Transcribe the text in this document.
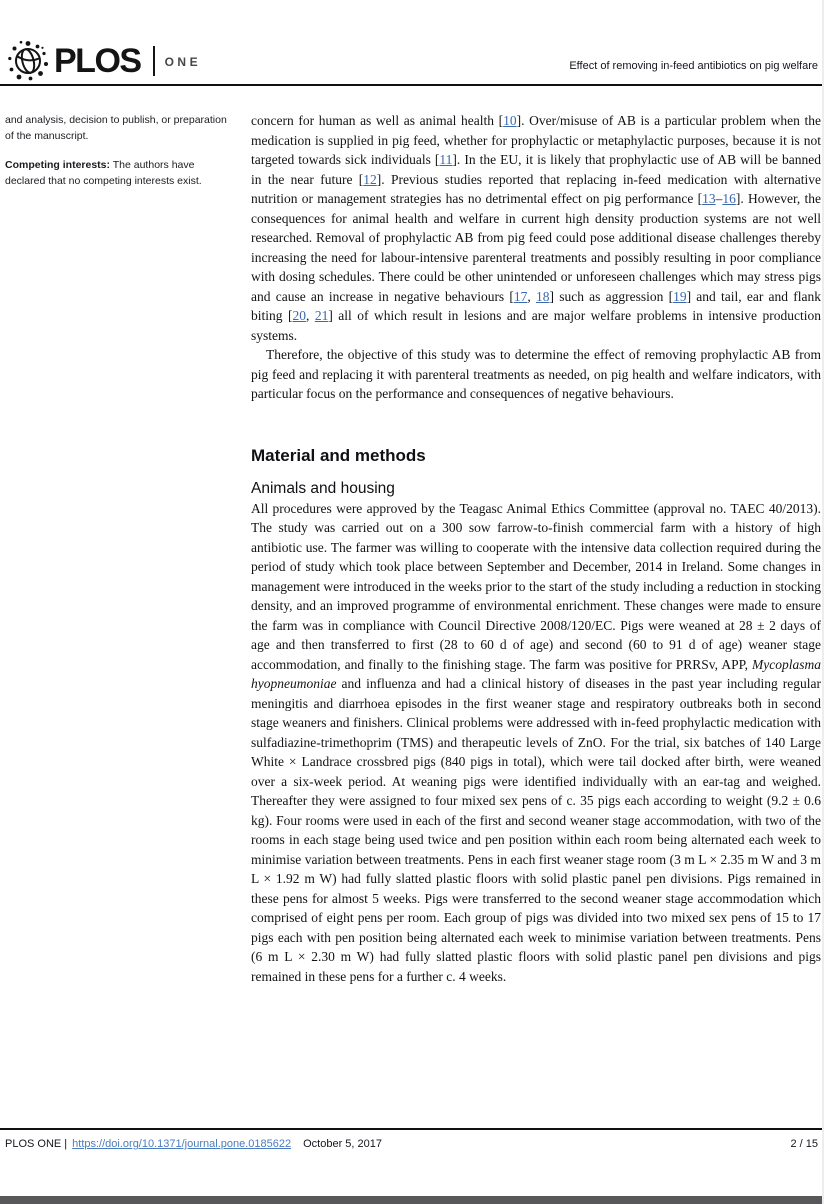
PLOS ONE	Effect of removing in-feed antibiotics on pig welfare

and analysis, decision to publish, or preparation of the manuscript.

Competing interests: The authors have declared that no competing interests exist.

concern for human as well as animal health [10]. Over/misuse of AB is a particular problem when the medication is supplied in pig feed, whether for prophylactic or metaphylactic purposes, because it is not targeted towards sick individuals [11]. In the EU, it is likely that prophylactic use of AB will be banned in the near future [12]. Previous studies reported that replacing in-feed medication with alternative nutrition or management strategies has no detrimental effect on pig performance [13–16]. However, the consequences for animal health and welfare in current high density production systems are not well researched. Removal of prophylactic AB from pig feed could pose additional disease challenges thereby increasing the need for labour-intensive parenteral treatments and possibly resulting in poor compliance with dosing schedules. There could be other unintended or unforeseen challenges which may stress pigs and cause an increase in negative behaviours [17, 18] such as aggression [19] and tail, ear and flank biting [20, 21] all of which result in lesions and are major welfare problems in intensive production systems.

Therefore, the objective of this study was to determine the effect of removing prophylactic AB from pig feed and replacing it with parenteral treatments as needed, on pig health and welfare indicators, with particular focus on the performance and consequences of negative behaviours.

Material and methods
Animals and housing

All procedures were approved by the Teagasc Animal Ethics Committee (approval no. TAEC 40/2013). The study was carried out on a 300 sow farrow-to-finish commercial farm with a history of high antibiotic use. The farmer was willing to cooperate with the intensive data collection required during the period of study which took place between September and December, 2014 in Ireland. Some changes in management were introduced in the weeks prior to the start of the study including a reduction in stocking density, and an improved programme of environmental enrichment. These changes were made to ensure the farm was in compliance with Council Directive 2008/120/EC. Pigs were weaned at 28 ± 2 days of age and then transferred to first (28 to 60 d of age) and second (60 to 91 d of age) weaner stage accommodation, and finally to the finishing stage. The farm was positive for PRRSv, APP, Mycoplasma hyopneumoniae and influenza and had a clinical history of diseases in the past year including regular meningitis and diarrhoea episodes in the first weaner stage and respiratory outbreaks both in second stage weaners and finishers. Clinical problems were addressed with in-feed prophylactic medication with sulfadiazine-trimethoprim (TMS) and therapeutic levels of ZnO. For the trial, six batches of 140 Large White × Landrace crossbred pigs (840 pigs in total), which were tail docked after birth, were weaned over a six-week period. At weaning pigs were identified individually with an ear-tag and weighed. Thereafter they were assigned to four mixed sex pens of c. 35 pigs each according to weight (9.2 ± 0.6 kg). Four rooms were used in each of the first and second weaner stage accommodation, with two of the rooms in each stage being used twice and pen position within each room being alternated each week to minimise variation between treatments. Pens in each first weaner stage room (3 m L × 2.35 m W and 3 m L × 1.92 m W) had fully slatted plastic floors with solid plastic panel pen divisions. Pigs remained in these pens for almost 5 weeks. Pigs were transferred to the second weaner stage accommodation which comprised of eight pens per room. Each group of pigs was divided into two mixed sex pens of 15 to 17 pigs each with pen position being alternated each week to minimise variation between treatments. Pens (6 m L × 2.30 m W) had fully slatted plastic floors with solid plastic panel pen divisions and pigs remained in these pens for a further c. 4 weeks.

PLOS ONE | https://doi.org/10.1371/journal.pone.0185622 October 5, 2017	2 / 15
